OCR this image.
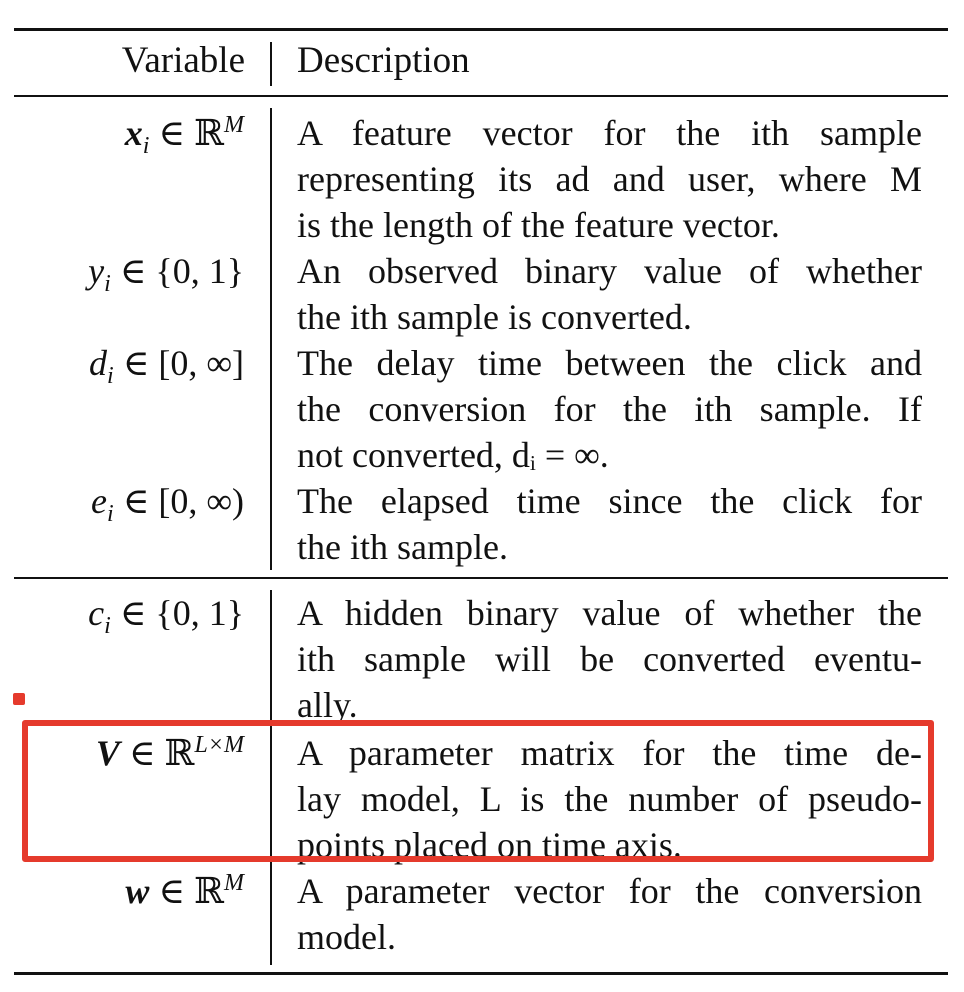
Variable Description
$x_i$ ∈ ℝ$^M$ A feature vector for the ith sample
representing its ad and user, where M
is the length of the feature vector.
$y_i$ ∈ {0, 1} An observed binary value of whether
the ith sample is converted.
$d_i$ ∈ [0, ∞] The delay time between the click and
the conversion for the ith sample. If
not converted, dᵢ = ∞.
$e_i$ ∈ [0, ∞) The elapsed time since the click for
the ith sample.
$c_i$ ∈ {0, 1} A hidden binary value of whether the
ith sample will be converted eventu-
ally.
V ∈ ℝ$^{L\times M}$ A parameter matrix for the time de-
lay model, L is the number of pseudo-
points placed on time axis.
w ∈ ℝ$^M$ A parameter vector for the conversion
model.
